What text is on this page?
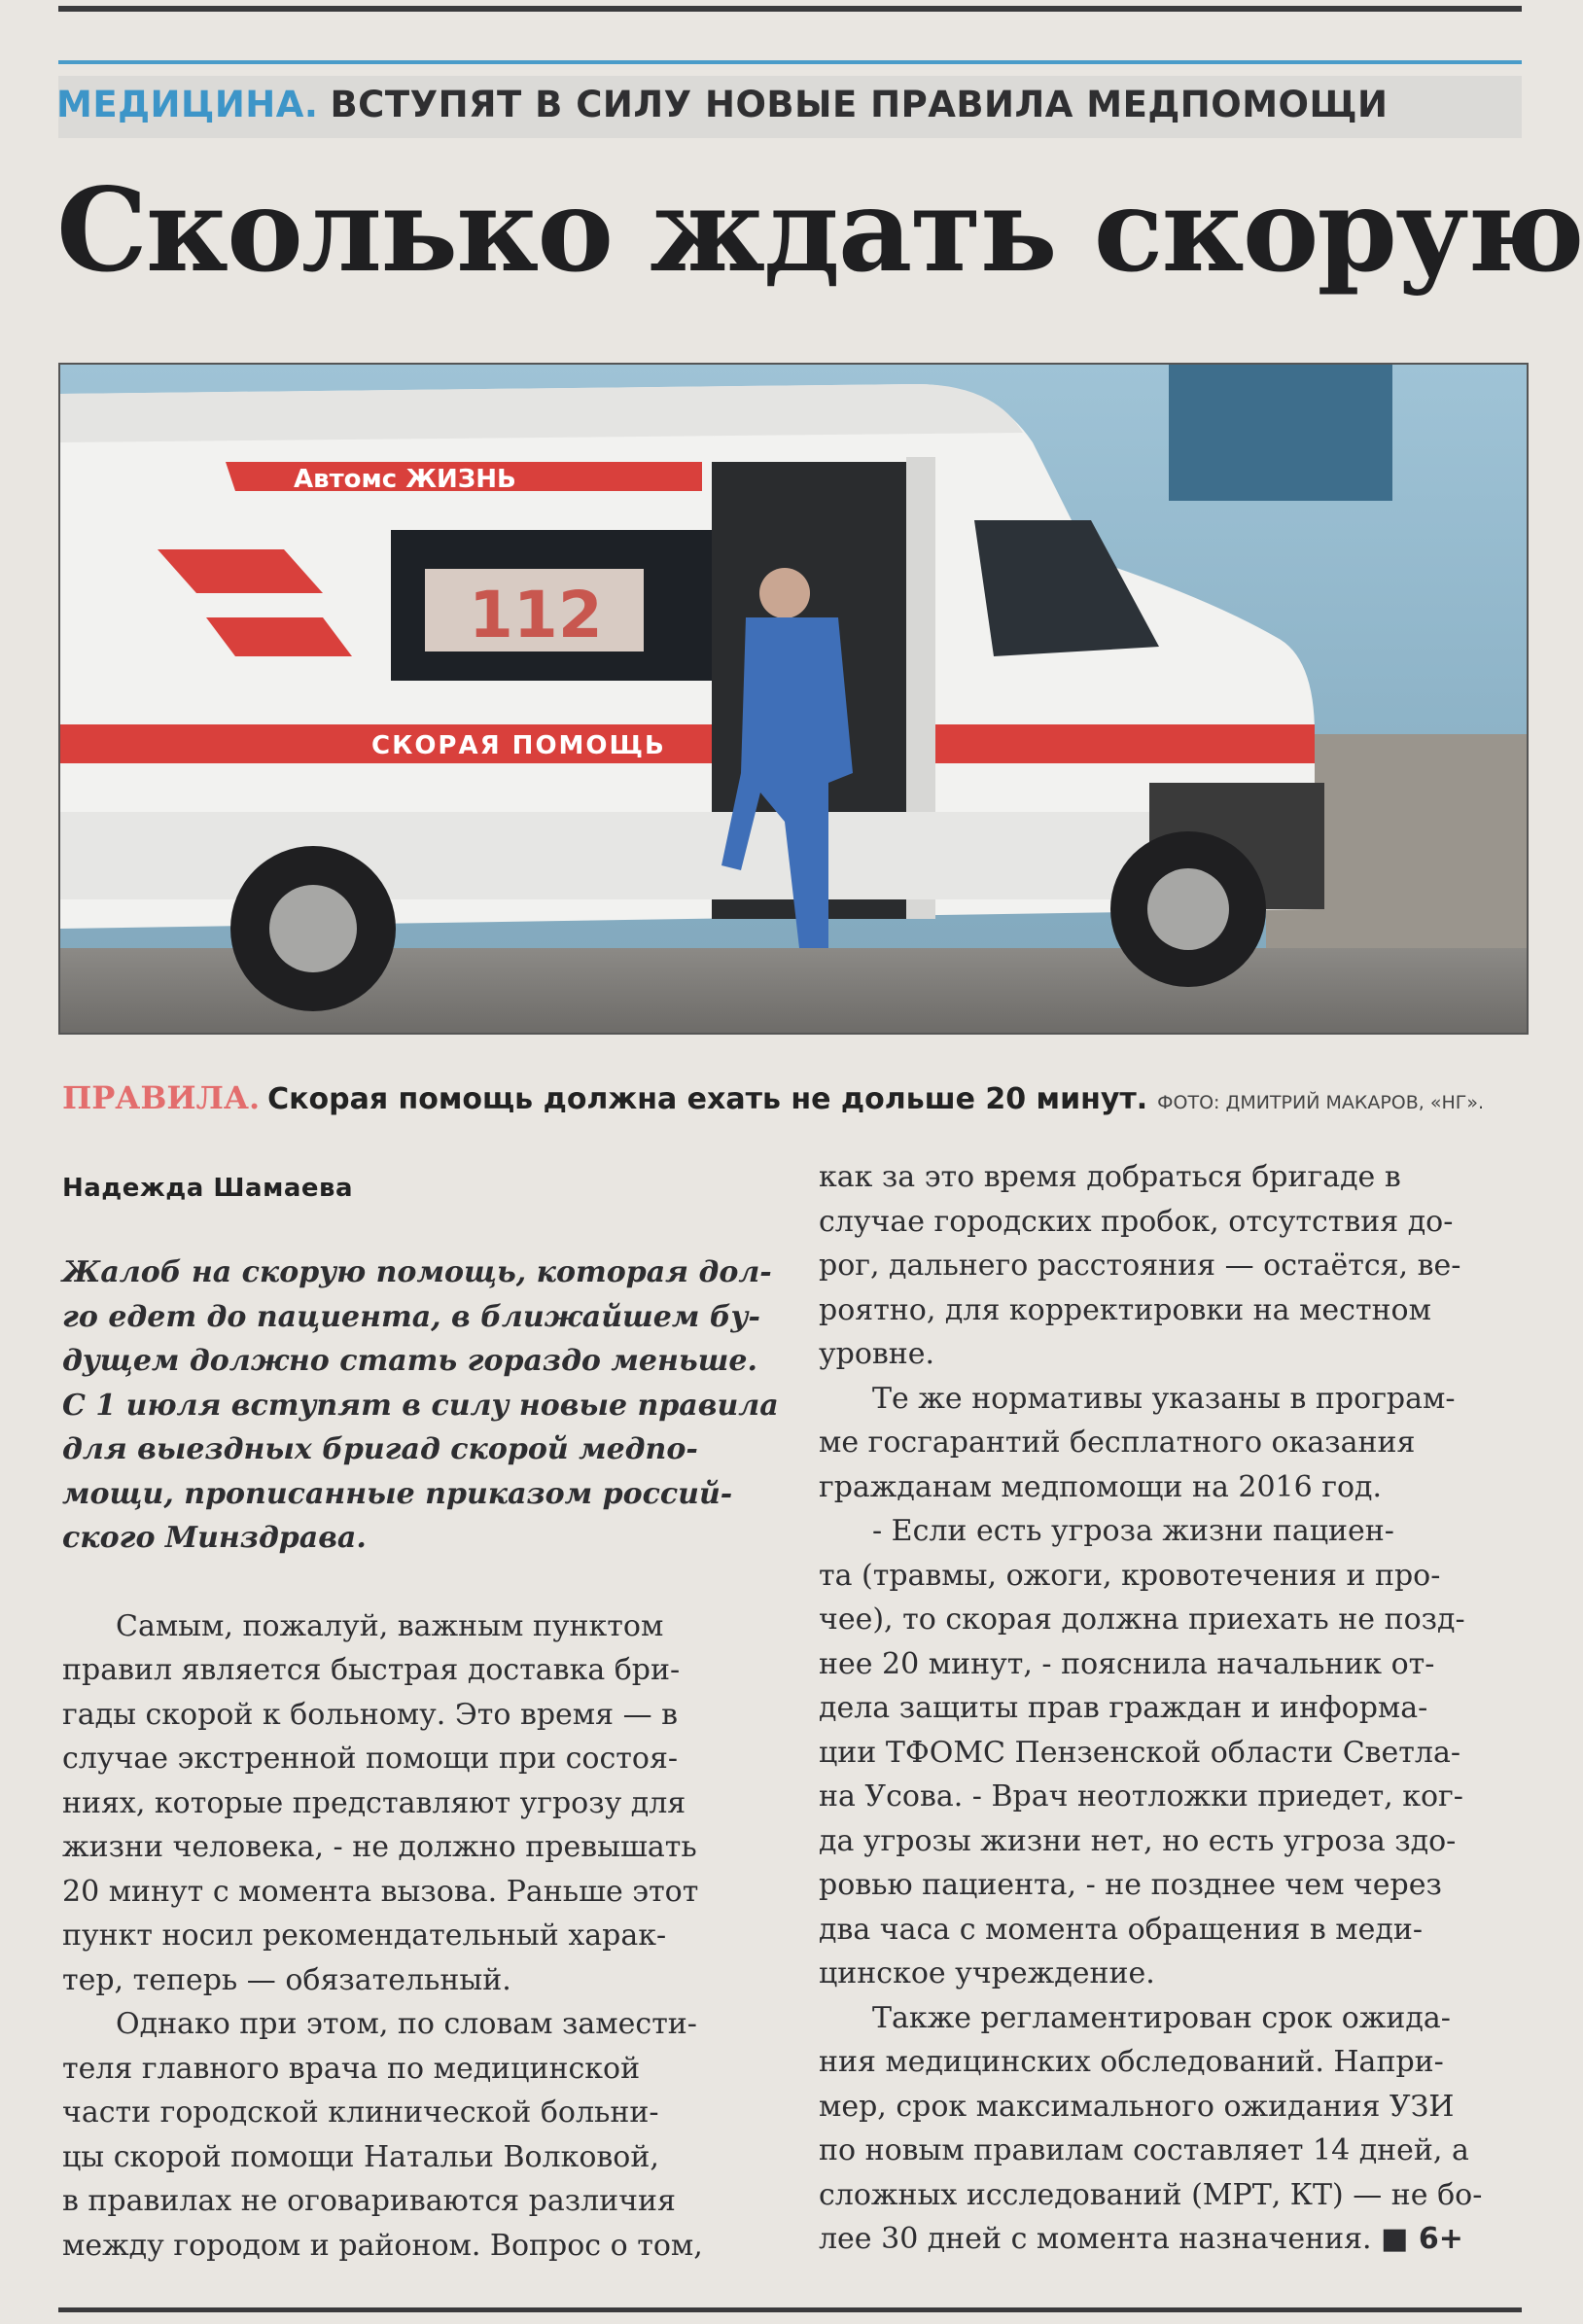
МЕДИЦИНА. ВСТУПЯТ В СИЛУ НОВЫЕ ПРАВИЛА МЕДПОМОЩИ
Сколько ждать скорую
Автомс ЖИЗНЬ
112
СКОРАЯ ПОМОЩЬ
ПРАВИЛА. Скорая помощь должна ехать не дольше 20 минут. ФОТО: ДМИТРИЙ МАКАРОВ, «НГ».
Надежда Шамаева

Жалоб на скорую помощь, которая дол-
го едет до пациента, в ближайшем бу-
дущем должно стать гораздо меньше.
С 1 июля вступят в силу новые правила
для выездных бригад скорой медпо-
мощи, прописанные приказом россий-
ского Минздрава.

Самым, пожалуй, важным пунктом
правил является быстрая доставка бри-
гады скорой к больному. Это время — в
случае экстренной помощи при состоя-
ниях, которые представляют угрозу для
жизни человека, - не должно превышать
20 минут с момента вызова. Раньше этот
пункт носил рекомендательный харак-
тер, теперь — обязательный.

Однако при этом, по словам замести-
теля главного врача по медицинской
части городской клинической больни-
цы скорой помощи Натальи Волковой,
в правилах не оговариваются различия
между городом и районом. Вопрос о том,

как за это время добраться бригаде в
случае городских пробок, отсутствия до-
рог, дальнего расстояния — остаётся, ве-
роятно, для корректировки на местном
уровне.

Те же нормативы указаны в програм-
ме госгарантий бесплатного оказания
гражданам медпомощи на 2016 год.

- Если есть угроза жизни пациен-
та (травмы, ожоги, кровотечения и про-
чее), то скорая должна приехать не позд-
нее 20 минут, - пояснила начальник от-
дела защиты прав граждан и информа-
ции ТФОМС Пензенской области Светла-
на Усова. - Врач неотложки приедет, ког-
да угрозы жизни нет, но есть угроза здо-
ровью пациента, - не позднее чем через
два часа с момента обращения в меди-
цинское учреждение.

Также регламентирован срок ожида-
ния медицинских обследований. Напри-
мер, срок максимального ожидания УЗИ
по новым правилам составляет 14 дней, а
сложных исследований (МРТ, КТ) — не бо-
лее 30 дней с момента назначения. ■ 6+
